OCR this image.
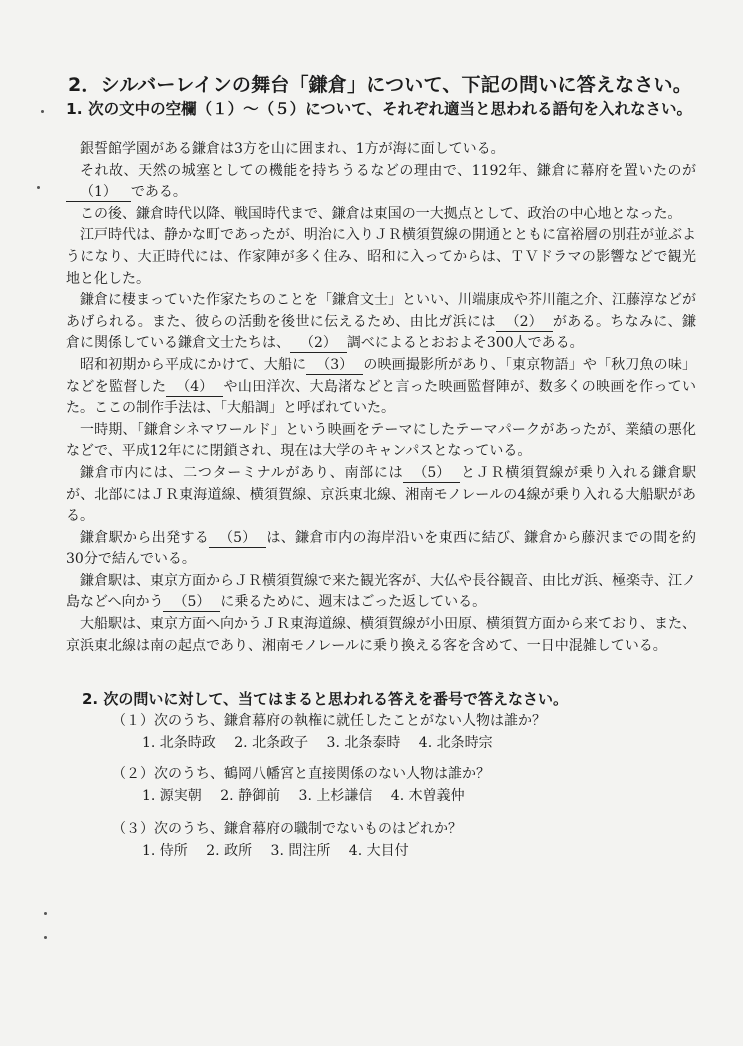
2．シルバーレインの舞台「鎌倉」について、下記の問いに答えなさい。
1. 次の文中の空欄（１）～（５）について、それぞれ適当と思われる語句を入れなさい。

銀誓館学園がある鎌倉は3方を山に囲まれ、1方が海に面している。

それ故、天然の城塞としての機能を持ちうるなどの理由で、1192年、鎌倉に幕府を置いたのが（1） である。

この後、鎌倉時代以降、戦国時代まで、鎌倉は東国の一大拠点として、政治の中心地となった。

江戸時代は、静かな町であったが、明治に入りＪＲ横須賀線の開通とともに富裕層の別荘が並ぶようになり、大正時代には、作家陣が多く住み、昭和に入ってからは、ＴＶドラマの影響などで観光地と化した。

鎌倉に棲まっていた作家たちのことを「鎌倉文士」といい、川端康成や芥川龍之介、江藤淳などがあげられる。また、彼らの活動を後世に伝えるため、由比ガ浜には （2） がある。ちなみに、鎌倉に関係している鎌倉文士たちは、 （2） 調べによるとおおよそ300人である。

昭和初期から平成にかけて、大船に （3） の映画撮影所があり、「東京物語」や「秋刀魚の味」などを監督した （4） や山田洋次、大島渚などと言った映画監督陣が、数多くの映画を作っていた。ここの制作手法は、「大船調」と呼ばれていた。

一時期、「鎌倉シネマワールド」という映画をテーマにしたテーマパークがあったが、業績の悪化などで、平成12年にに閉鎖され、現在は大学のキャンパスとなっている。

鎌倉市内には、二つターミナルがあり、南部には （5） とＪＲ横須賀線が乗り入れる鎌倉駅が、北部にはＪＲ東海道線、横須賀線、京浜東北線、湘南モノレールの4線が乗り入れる大船駅がある。

鎌倉駅から出発する （5） は、鎌倉市内の海岸沿いを東西に結び、鎌倉から藤沢までの間を約30分で結んでいる。

鎌倉駅は、東京方面からＪＲ横須賀線で来た観光客が、大仏や長谷観音、由比ガ浜、極楽寺、江ノ島などへ向かう （5） に乗るために、週末はごった返している。

大船駅は、東京方面へ向かうＪＲ東海道線、横須賀線が小田原、横須賀方面から来ており、また、京浜東北線は南の起点であり、湘南モノレールに乗り換える客を含めて、一日中混雑している。

2. 次の問いに対して、当てはまると思われる答えを番号で答えなさい。
（１）次のうち、鎌倉幕府の執権に就任したことがない人物は誰か？
1. 北条時政 2. 北条政子 3. 北条泰時 4. 北条時宗
（２）次のうち、鶴岡八幡宮と直接関係のない人物は誰か？
1. 源実朝 2. 静御前 3. 上杉謙信 4. 木曽義仲
（３）次のうち、鎌倉幕府の職制でないものはどれか？
1. 侍所 2. 政所 3. 問注所 4. 大目付
